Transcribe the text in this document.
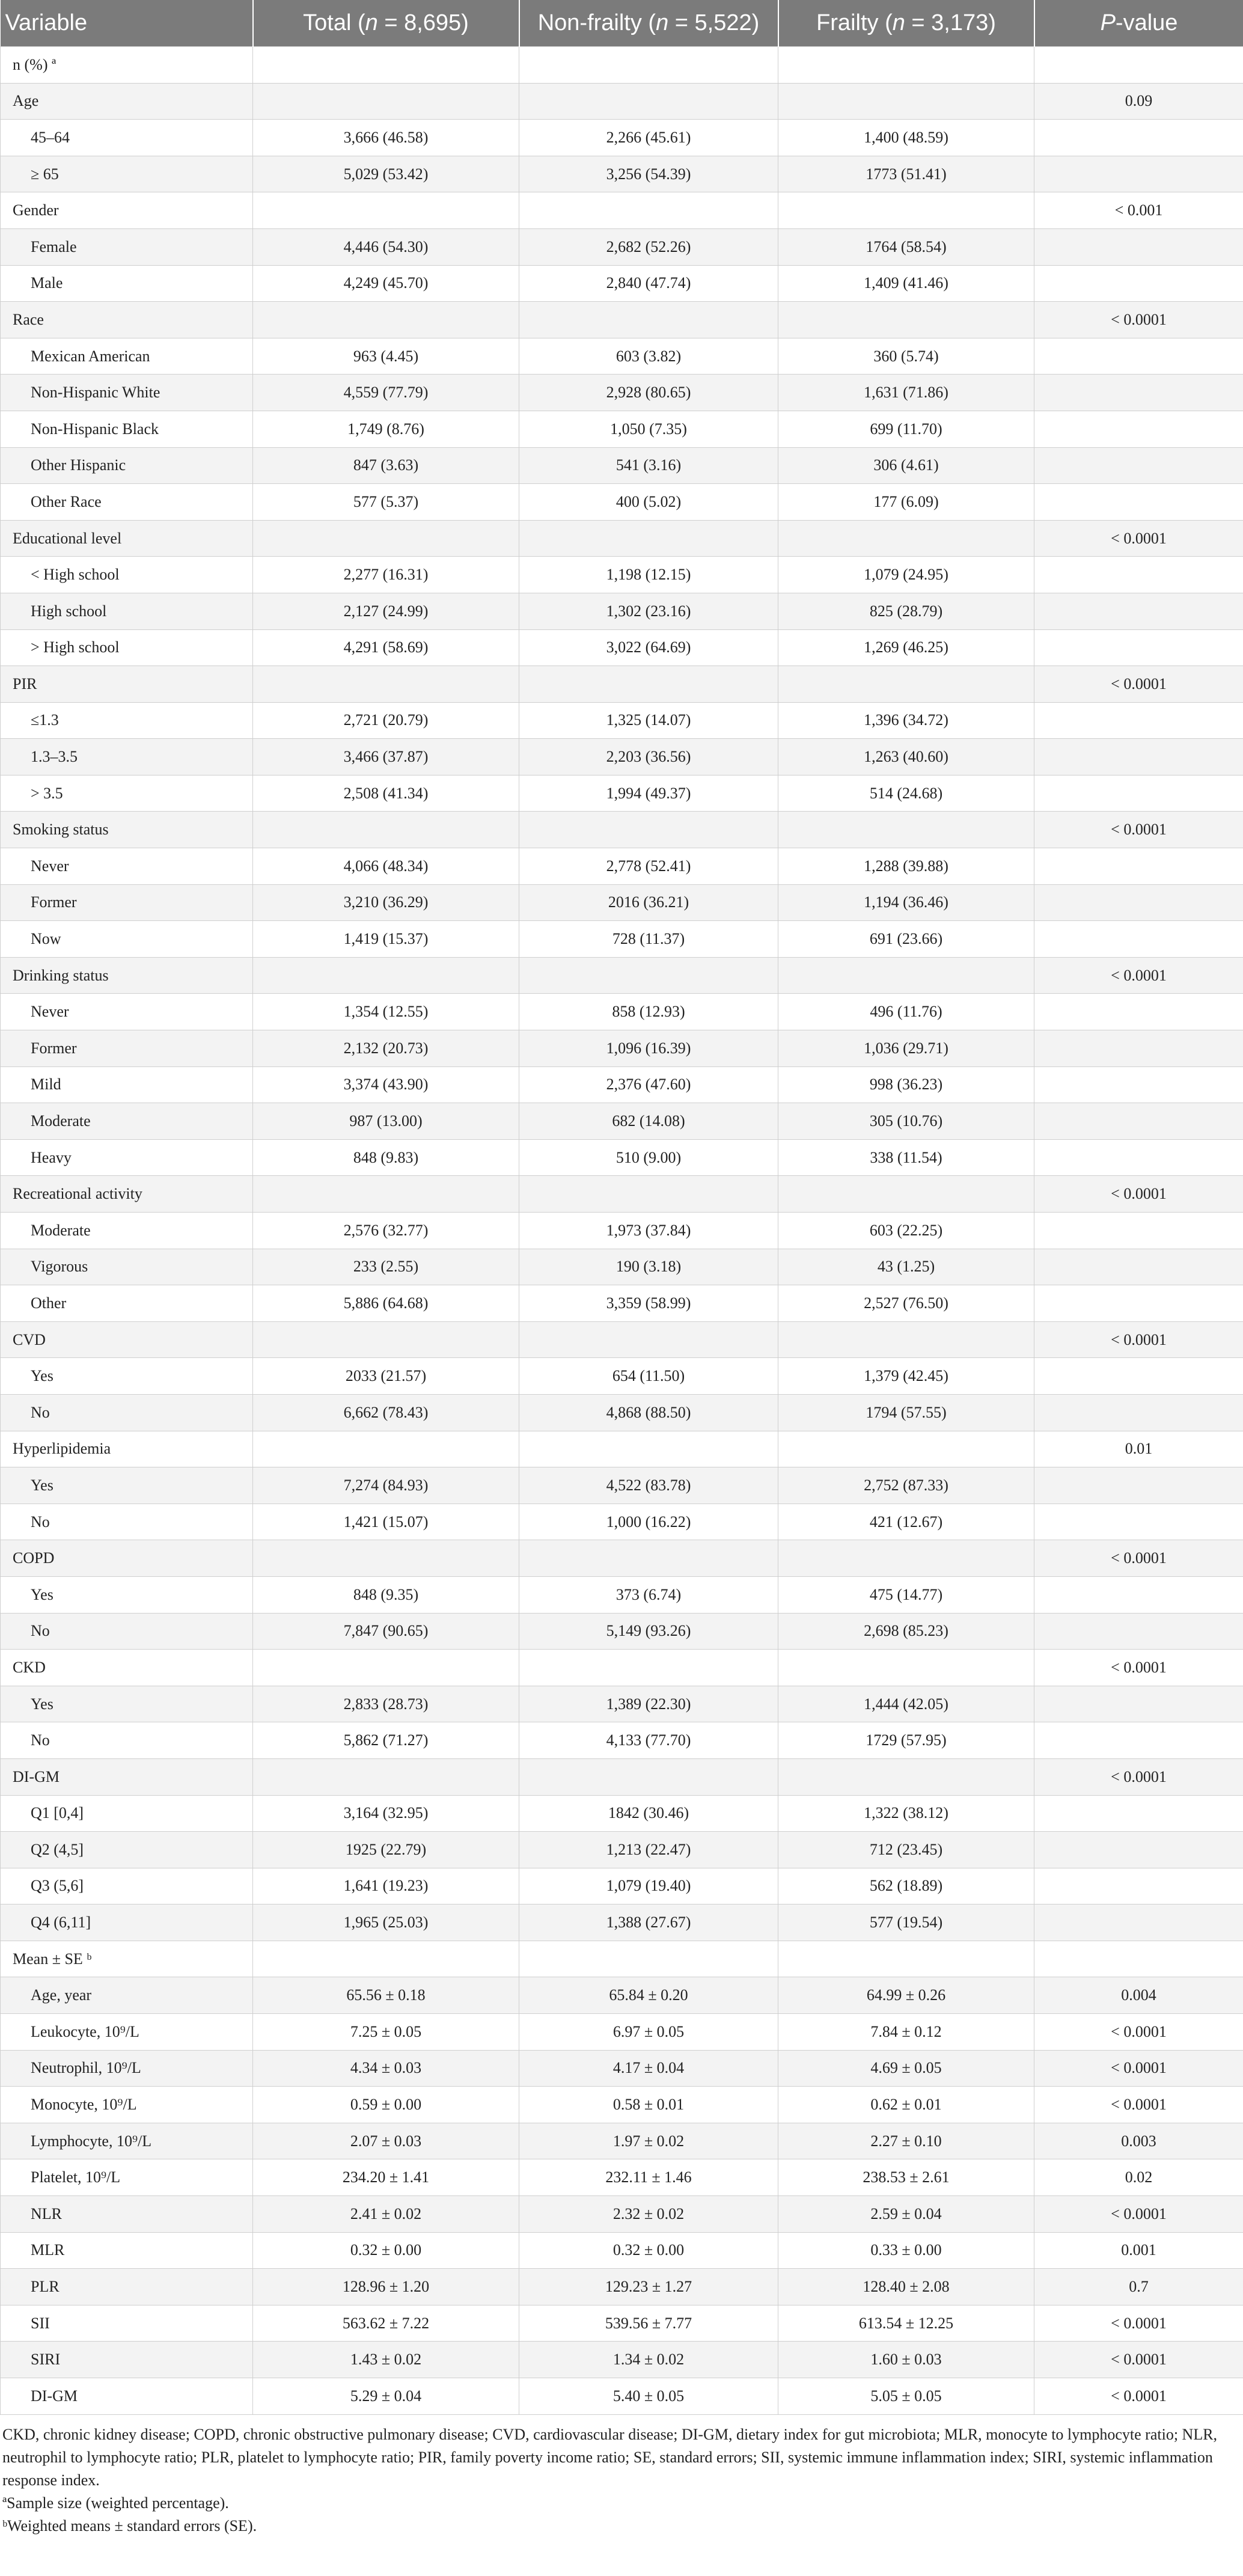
Variable	Total (n = 8,695)	Non-frailty (n = 5,522)	Frailty (n = 3,173)	P-value
n (%) ª				
Age				0.09
45–64	3,666 (46.58)	2,266 (45.61)	1,400 (48.59)	
≥ 65	5,029 (53.42)	3,256 (54.39)	1773 (51.41)	
Gender				< 0.001
Female	4,446 (54.30)	2,682 (52.26)	1764 (58.54)	
Male	4,249 (45.70)	2,840 (47.74)	1,409 (41.46)	
Race				< 0.0001
Mexican American	963 (4.45)	603 (3.82)	360 (5.74)	
Non-Hispanic White	4,559 (77.79)	2,928 (80.65)	1,631 (71.86)	
Non-Hispanic Black	1,749 (8.76)	1,050 (7.35)	699 (11.70)	
Other Hispanic	847 (3.63)	541 (3.16)	306 (4.61)	
Other Race	577 (5.37)	400 (5.02)	177 (6.09)	
Educational level				< 0.0001
< High school	2,277 (16.31)	1,198 (12.15)	1,079 (24.95)	
High school	2,127 (24.99)	1,302 (23.16)	825 (28.79)	
> High school	4,291 (58.69)	3,022 (64.69)	1,269 (46.25)	
PIR				< 0.0001
≤1.3	2,721 (20.79)	1,325 (14.07)	1,396 (34.72)	
1.3–3.5	3,466 (37.87)	2,203 (36.56)	1,263 (40.60)	
> 3.5	2,508 (41.34)	1,994 (49.37)	514 (24.68)	
Smoking status				< 0.0001
Never	4,066 (48.34)	2,778 (52.41)	1,288 (39.88)	
Former	3,210 (36.29)	2016 (36.21)	1,194 (36.46)	
Now	1,419 (15.37)	728 (11.37)	691 (23.66)	
Drinking status				< 0.0001
Never	1,354 (12.55)	858 (12.93)	496 (11.76)	
Former	2,132 (20.73)	1,096 (16.39)	1,036 (29.71)	
Mild	3,374 (43.90)	2,376 (47.60)	998 (36.23)	
Moderate	987 (13.00)	682 (14.08)	305 (10.76)	
Heavy	848 (9.83)	510 (9.00)	338 (11.54)	
Recreational activity				< 0.0001
Moderate	2,576 (32.77)	1,973 (37.84)	603 (22.25)	
Vigorous	233 (2.55)	190 (3.18)	43 (1.25)	
Other	5,886 (64.68)	3,359 (58.99)	2,527 (76.50)	
CVD				< 0.0001
Yes	2033 (21.57)	654 (11.50)	1,379 (42.45)	
No	6,662 (78.43)	4,868 (88.50)	1794 (57.55)	
Hyperlipidemia				0.01
Yes	7,274 (84.93)	4,522 (83.78)	2,752 (87.33)	
No	1,421 (15.07)	1,000 (16.22)	421 (12.67)	
COPD				< 0.0001
Yes	848 (9.35)	373 (6.74)	475 (14.77)	
No	7,847 (90.65)	5,149 (93.26)	2,698 (85.23)	
CKD				< 0.0001
Yes	2,833 (28.73)	1,389 (22.30)	1,444 (42.05)	
No	5,862 (71.27)	4,133 (77.70)	1729 (57.95)	
DI-GM				< 0.0001
Q1 [0,4]	3,164 (32.95)	1842 (30.46)	1,322 (38.12)	
Q2 (4,5]	1925 (22.79)	1,213 (22.47)	712 (23.45)	
Q3 (5,6]	1,641 (19.23)	1,079 (19.40)	562 (18.89)	
Q4 (6,11]	1,965 (25.03)	1,388 (27.67)	577 (19.54)	
Mean ± SE ᵇ				
Age, year	65.56 ± 0.18	65.84 ± 0.20	64.99 ± 0.26	0.004
Leukocyte, 10⁹/L	7.25 ± 0.05	6.97 ± 0.05	7.84 ± 0.12	< 0.0001
Neutrophil, 10⁹/L	4.34 ± 0.03	4.17 ± 0.04	4.69 ± 0.05	< 0.0001
Monocyte, 10⁹/L	0.59 ± 0.00	0.58 ± 0.01	0.62 ± 0.01	< 0.0001
Lymphocyte, 10⁹/L	2.07 ± 0.03	1.97 ± 0.02	2.27 ± 0.10	0.003
Platelet, 10⁹/L	234.20 ± 1.41	232.11 ± 1.46	238.53 ± 2.61	0.02
NLR	2.41 ± 0.02	2.32 ± 0.02	2.59 ± 0.04	< 0.0001
MLR	0.32 ± 0.00	0.32 ± 0.00	0.33 ± 0.00	0.001
PLR	128.96 ± 1.20	129.23 ± 1.27	128.40 ± 2.08	0.7
SII	563.62 ± 7.22	539.56 ± 7.77	613.54 ± 12.25	< 0.0001
SIRI	1.43 ± 0.02	1.34 ± 0.02	1.60 ± 0.03	< 0.0001
DI-GM	5.29 ± 0.04	5.40 ± 0.05	5.05 ± 0.05	< 0.0001
CKD, chronic kidney disease; COPD, chronic obstructive pulmonary disease; CVD, cardiovascular disease; DI-GM, dietary index for gut microbiota; MLR, monocyte to lymphocyte ratio; NLR, neutrophil to lymphocyte ratio; PLR, platelet to lymphocyte ratio; PIR, family poverty income ratio; SE, standard errors; SII, systemic immune inflammation index; SIRI, systemic inflammation response index.
ªSample size (weighted percentage).
ᵇWeighted means ± standard errors (SE).
